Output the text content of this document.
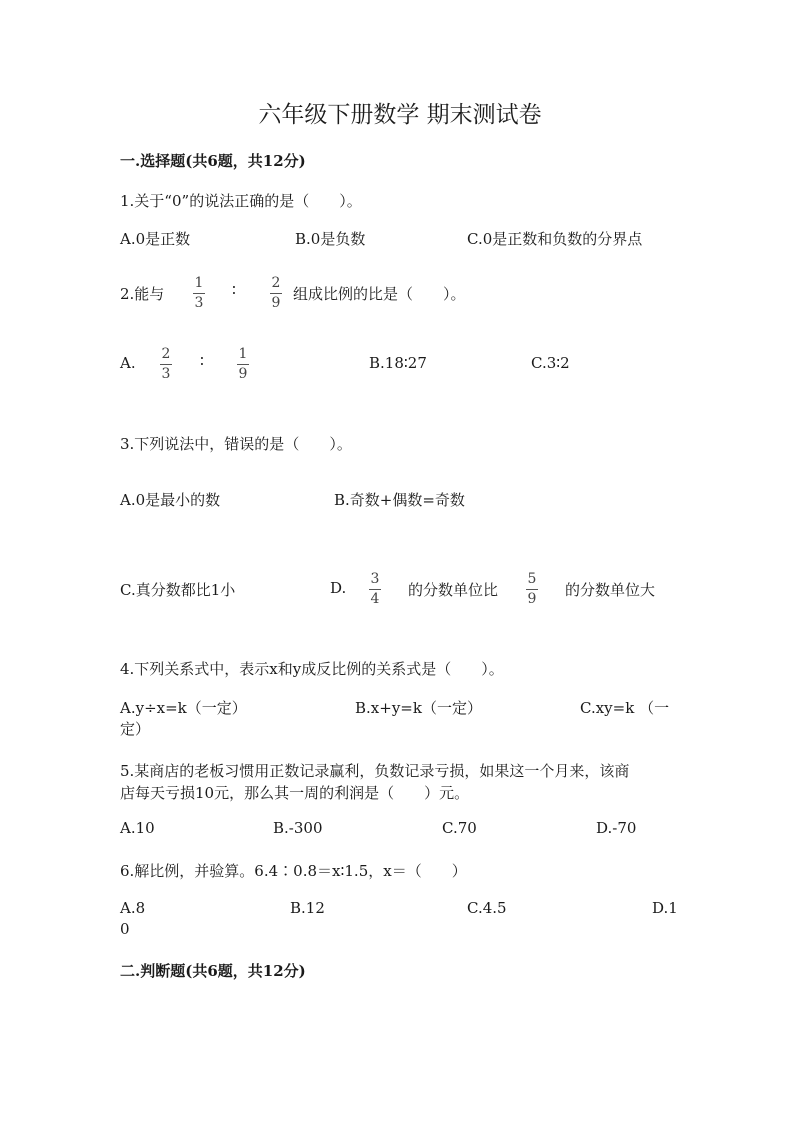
六年级下册数学 期末测试卷
一.选择题(共6题，共12分)
1.关于“0”的说法正确的是（　　）。
A.0是正数	B.0是负数	C.0是正数和负数的分界点
2.能与
1
3
∶	2
9 组成比例的比是（　　）。
A. 2
3
∶ 1
9
B.18∶27	C.3∶2
3.下列说法中，错误的是（　　）。
A.0是最小的数	B.奇数+偶数=奇数
C.真分数都比1小	D. 3
4 的分数单位比
5
9 的分数单位大
4.下列关系式中，表示x和y成反比例的关系式是（　　）。
A.y÷x=k（一定）	B.x+y=k（一定）	C.xy=k （一
定）
5.某商店的老板习惯用正数记录赢利，负数记录亏损，如果这一个月来，该商
店每天亏损10元，那么其一周的利润是（　　）元。
A.10	B.-300	C.70	D.-70
6.解比例，并验算。6.4∶0.8＝x∶1.5，x＝（　　）
A.8	B.12	C.4.5	D.1
0
二.判断题(共6题，共12分)
